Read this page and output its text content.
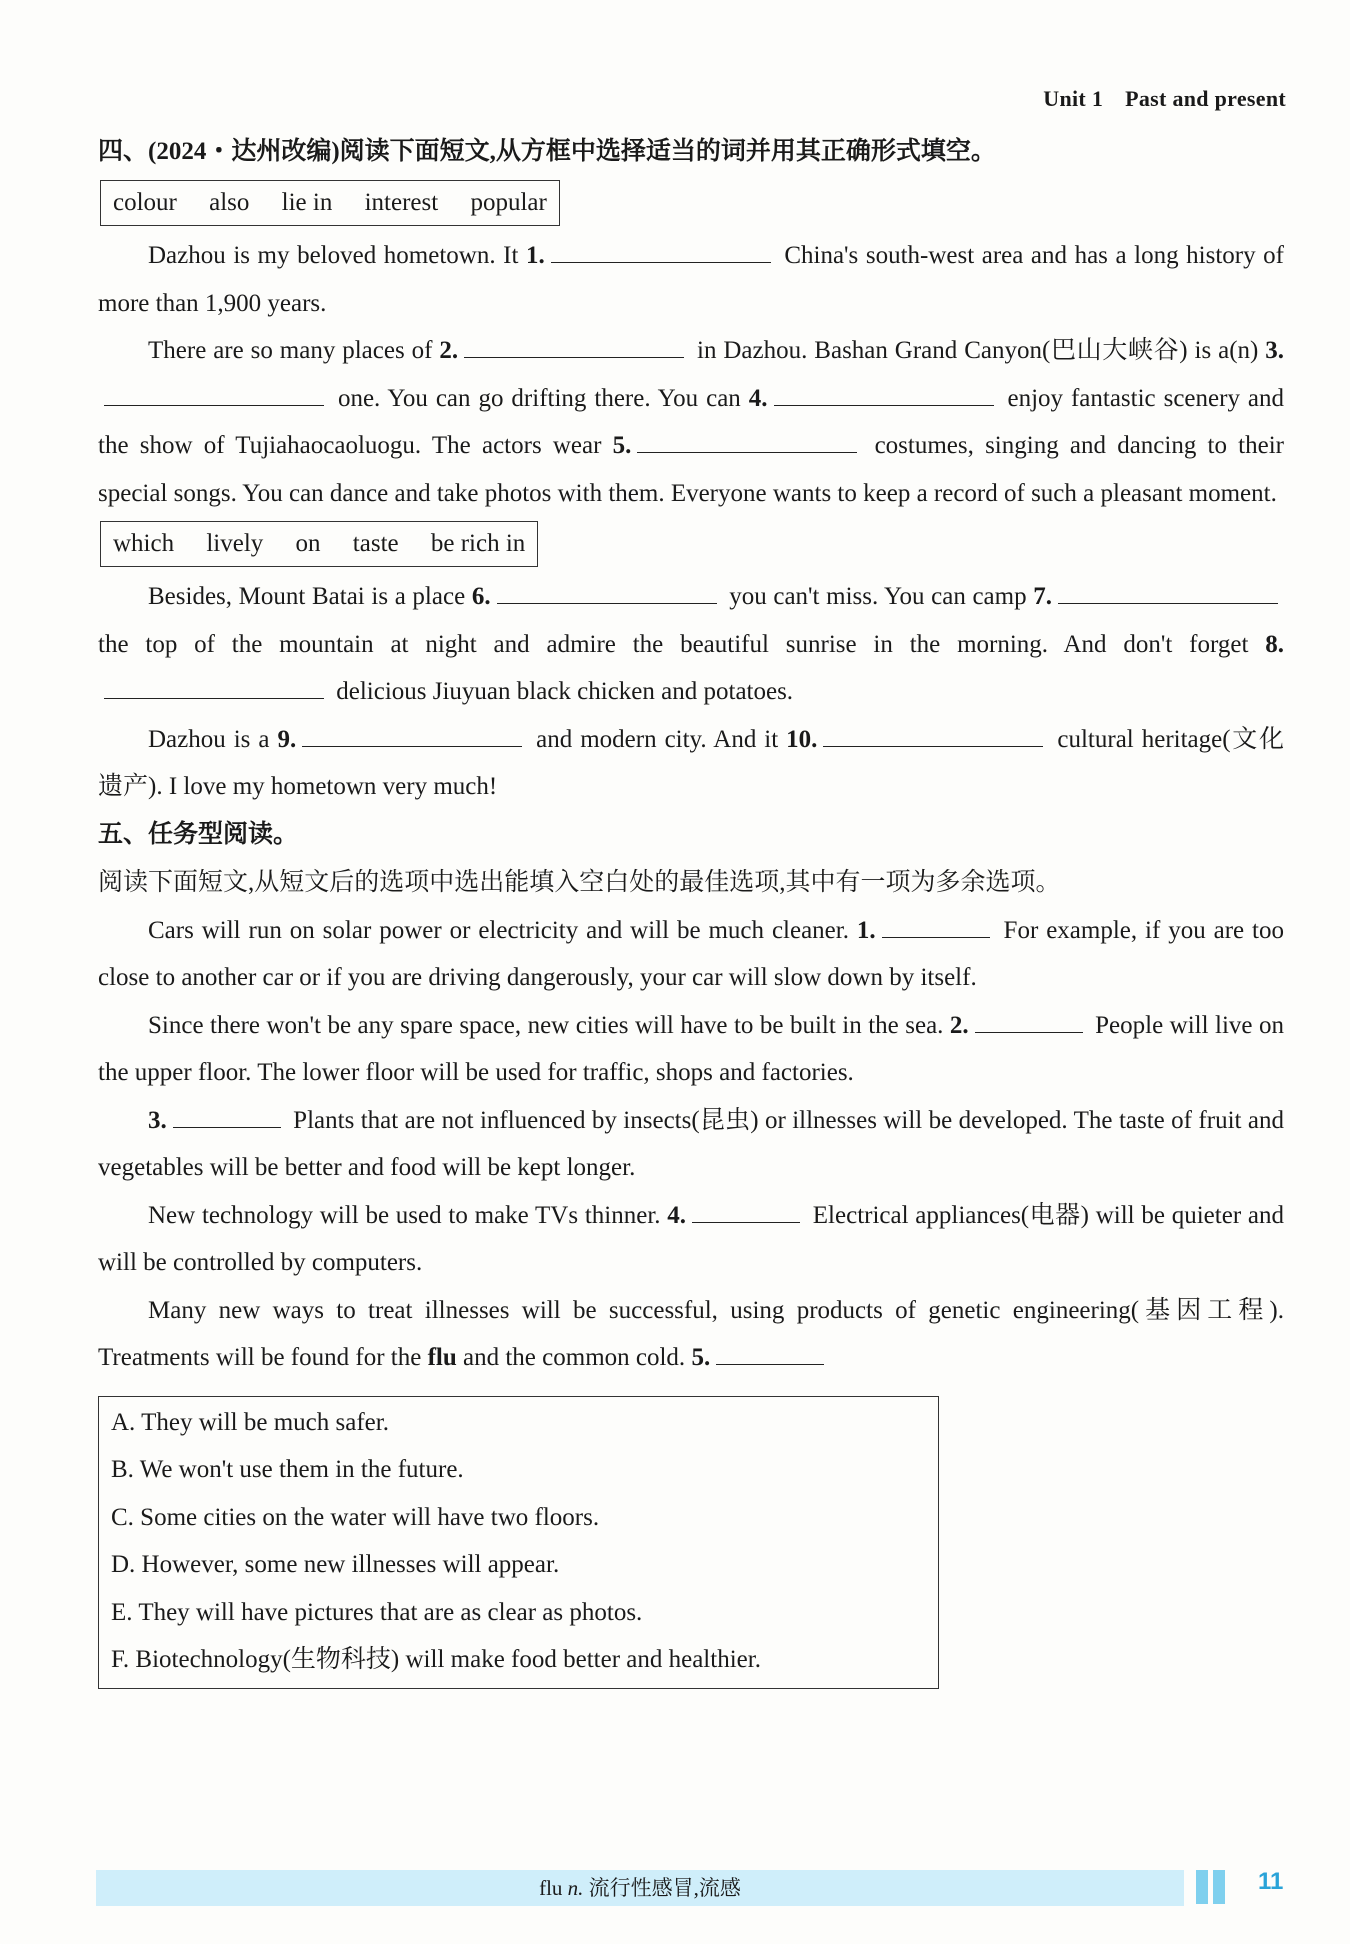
Unit 1 Past and present
四、(2024・达州改编)阅读下面短文,从方框中选择适当的词并用其正确形式填空。
colour also lie in interest popular

Dazhou is my beloved hometown. It 1.	China's south-west area and has a long history of more than 1,900 years.

There are so many places of 2.	in Dazhou. Bashan Grand Canyon(巴山大峡谷) is a(n) 3. one. You can go drifting there. You can 4.	enjoy fantastic scenery and the show of Tujiahaocaoluogu. The actors wear 5.	costumes, singing and dancing to their special songs. You can dance and take photos with them. Everyone wants to keep a record of such a pleasant moment.

which lively on taste be rich in

Besides, Mount Batai is a place 6.	you can't miss. You can camp 7. the top of the mountain at night and admire the beautiful sunrise in the morning. And don't forget 8. delicious Jiuyuan black chicken and potatoes.

Dazhou is a 9.	and modern city. And it 10.	cultural heritage(文化遗产). I love my hometown very much!

五、任务型阅读。
阅读下面短文,从短文后的选项中选出能填入空白处的最佳选项,其中有一项为多余选项。

Cars will run on solar power or electricity and will be much cleaner. 1.	For example, if you are too close to another car or if you are driving dangerously, your car will slow down by itself.

Since there won't be any spare space, new cities will have to be built in the sea. 2.	People will live on the upper floor. The lower floor will be used for traffic, shops and factories.

3.	Plants that are not influenced by insects(昆虫) or illnesses will be developed. The taste of fruit and vegetables will be better and food will be kept longer.

New technology will be used to make TVs thinner. 4.	Electrical appliances(电器) will be quieter and will be controlled by computers.

Many new ways to treat illnesses will be successful, using products of genetic engineering(基因工程). Treatments will be found for the flu and the common cold. 5.

A. They will be much safer.
B. We won't use them in the future.
C. Some cities on the water will have two floors.
D. However, some new illnesses will appear.
E. They will have pictures that are as clear as photos.
F. Biotechnology(生物科技) will make food better and healthier.
flu n. 流行性感冒,流感	11
